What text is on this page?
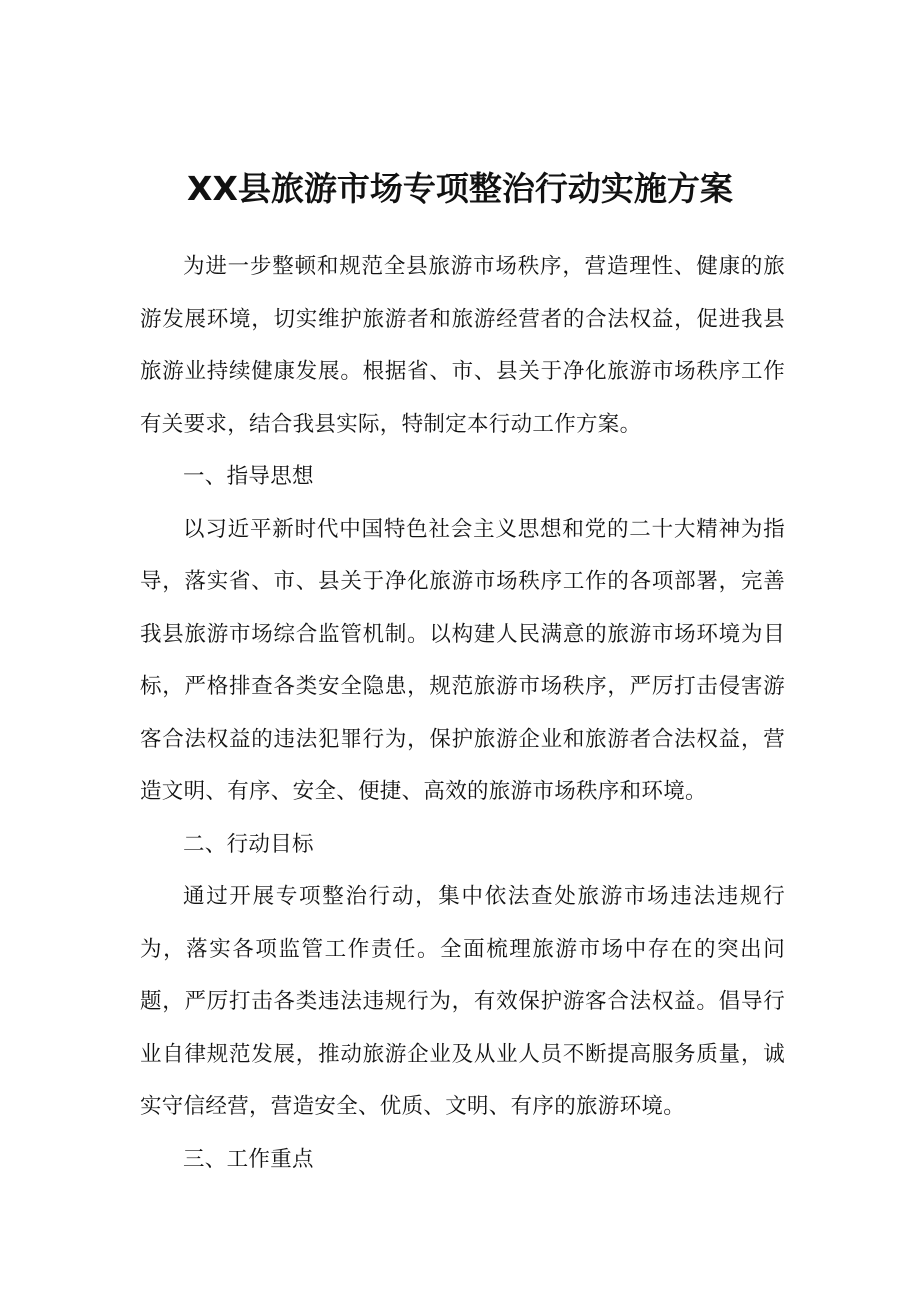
XX县旅游市场专项整治行动实施方案

为进一步整顿和规范全县旅游市场秩序，营造理性、健康的旅游发展环境，切实维护旅游者和旅游经营者的合法权益，促进我县旅游业持续健康发展。根据省、市、县关于净化旅游市场秩序工作有关要求，结合我县实际，特制定本行动工作方案。

一、指导思想

以习近平新时代中国特色社会主义思想和党的二十大精神为指导，落实省、市、县关于净化旅游市场秩序工作的各项部署，完善我县旅游市场综合监管机制。以构建人民满意的旅游市场环境为目标，严格排查各类安全隐患，规范旅游市场秩序，严厉打击侵害游客合法权益的违法犯罪行为，保护旅游企业和旅游者合法权益，营造文明、有序、安全、便捷、高效的旅游市场秩序和环境。

二、行动目标

通过开展专项整治行动，集中依法查处旅游市场违法违规行为，落实各项监管工作责任。全面梳理旅游市场中存在的突出问题，严厉打击各类违法违规行为，有效保护游客合法权益。倡导行业自律规范发展，推动旅游企业及从业人员不断提高服务质量，诚实守信经营，营造安全、优质、文明、有序的旅游环境。

三、工作重点
